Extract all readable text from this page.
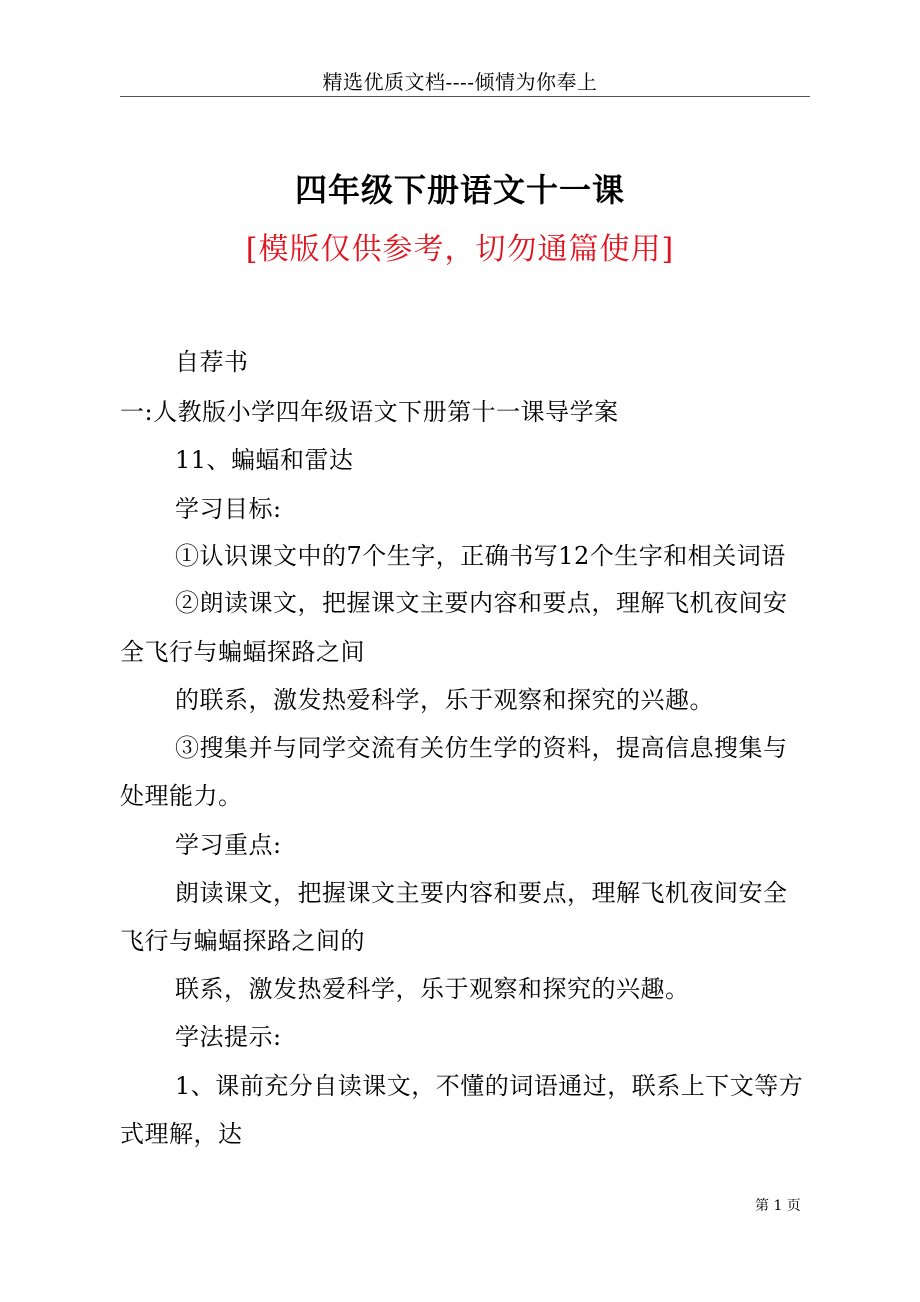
精选优质文档----倾情为你奉上
四年级下册语文十一课
[模版仅供参考，切勿通篇使用]
自荐书
一:人教版小学四年级语文下册第十一课导学案
11、蝙蝠和雷达
学习目标:
①认识课文中的7个生字，正确书写12个生字和相关词语
②朗读课文，把握课文主要内容和要点，理解飞机夜间安
全飞行与蝙蝠探路之间
的联系，激发热爱科学，乐于观察和探究的兴趣。
③搜集并与同学交流有关仿生学的资料，提高信息搜集与
处理能力。
学习重点:
朗读课文，把握课文主要内容和要点，理解飞机夜间安全
飞行与蝙蝠探路之间的
联系，激发热爱科学，乐于观察和探究的兴趣。
学法提示:
1、课前充分自读课文，不懂的词语通过，联系上下文等方
式理解，达
第 1 页
